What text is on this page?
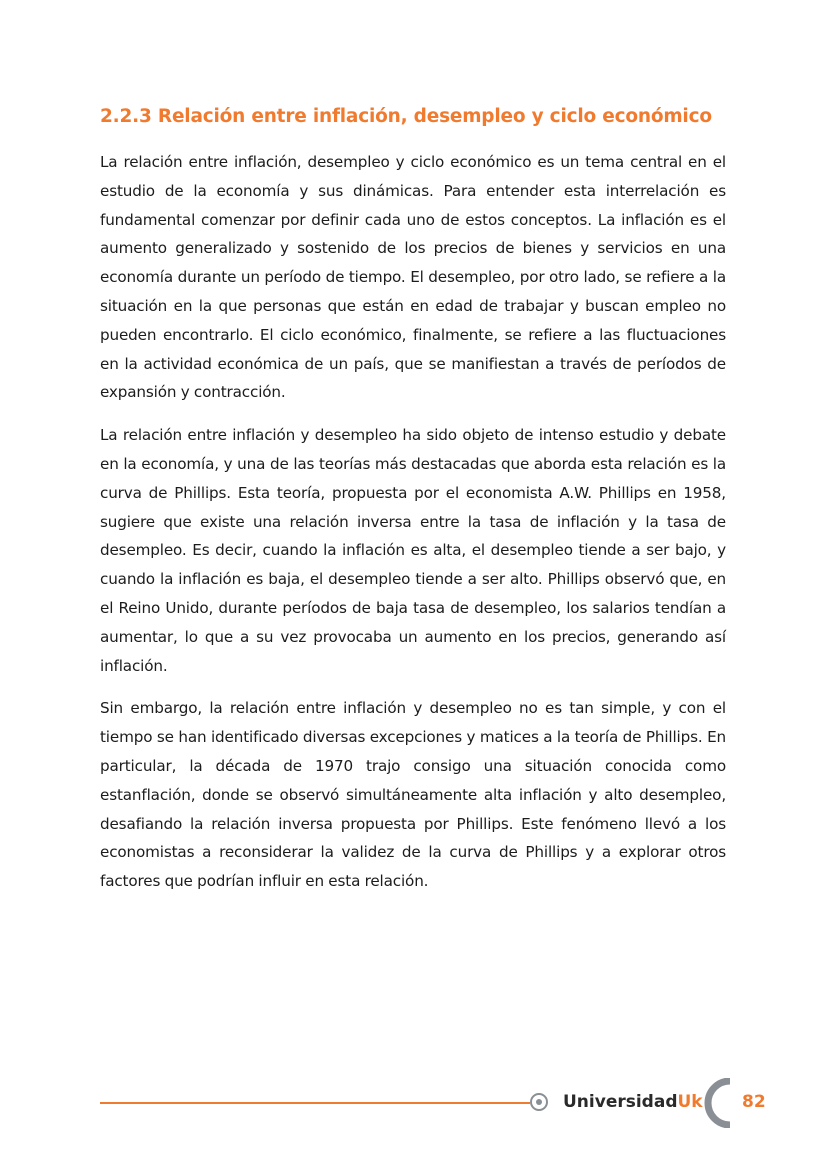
2.2.3 Relación entre inflación, desempleo y ciclo económico

La relación entre inflación, desempleo y ciclo económico es un tema central en el estudio de la economía y sus dinámicas. Para entender esta interrelación es fundamental comenzar por definir cada uno de estos conceptos. La inflación es el aumento generalizado y sostenido de los precios de bienes y servicios en una economía durante un período de tiempo. El desempleo, por otro lado, se refiere a la situación en la que personas que están en edad de trabajar y buscan empleo no pueden encontrarlo. El ciclo económico, finalmente, se refiere a las fluctuaciones en la actividad económica de un país, que se manifiestan a través de períodos de expansión y contracción.

La relación entre inflación y desempleo ha sido objeto de intenso estudio y debate en la economía, y una de las teorías más destacadas que aborda esta relación es la curva de Phillips. Esta teoría, propuesta por el economista A.W. Phillips en 1958, sugiere que existe una relación inversa entre la tasa de inflación y la tasa de desempleo. Es decir, cuando la inflación es alta, el desempleo tiende a ser bajo, y cuando la inflación es baja, el desempleo tiende a ser alto. Phillips observó que, en el Reino Unido, durante períodos de baja tasa de desempleo, los salarios tendían a aumentar, lo que a su vez provocaba un aumento en los precios, generando así inflación.

Sin embargo, la relación entre inflación y desempleo no es tan simple, y con el tiempo se han identificado diversas excepciones y matices a la teoría de Phillips. En particular, la década de 1970 trajo consigo una situación conocida como estanflación, donde se observó simultáneamente alta inflación y alto desempleo, desafiando la relación inversa propuesta por Phillips. Este fenómeno llevó a los economistas a reconsiderar la validez de la curva de Phillips y a explorar otros factores que podrían influir en esta relación.

UniversidadUk 82
